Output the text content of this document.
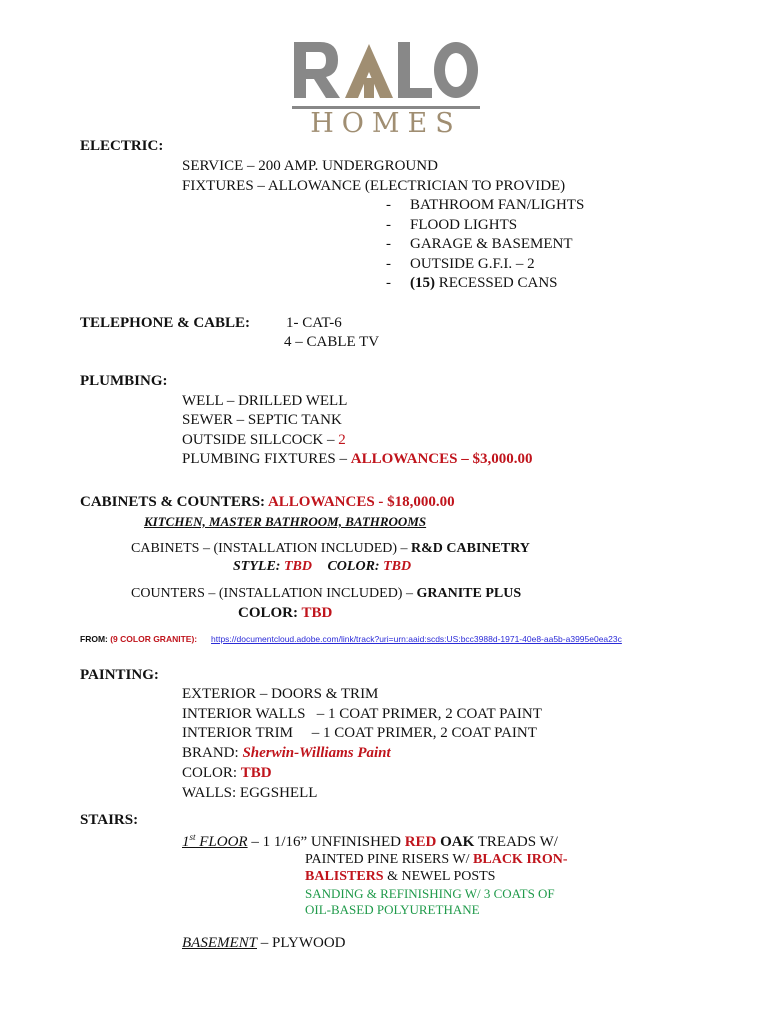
HOMES
ELECTRIC:
SERVICE – 200 AMP. UNDERGROUND
FIXTURES – ALLOWANCE (ELECTRICIAN TO PROVIDE)
- BATHROOM FAN/LIGHTS
- FLOOD LIGHTS
- GARAGE & BASEMENT
- OUTSIDE G.F.I. – 2
- (15) RECESSED CANS
TELEPHONE & CABLE: 1- CAT-6
4 – CABLE TV
PLUMBING:
WELL – DRILLED WELL
SEWER – SEPTIC TANK
OUTSIDE SILLCOCK – 2
PLUMBING FIXTURES – ALLOWANCES – $3,000.00
CABINETS & COUNTERS: ALLOWANCES - $18,000.00
KITCHEN, MASTER BATHROOM, BATHROOMS
CABINETS – (INSTALLATION INCLUDED) – R&D CABINETRY
STYLE: TBD COLOR: TBD
COUNTERS – (INSTALLATION INCLUDED) – GRANITE PLUS
COLOR: TBD
FROM: (9 COLOR GRANITE): https://documentcloud.adobe.com/link/track?uri=urn:aaid:scds:US:bcc3988d-1971-40e8-aa5b-a3995e0ea23c
PAINTING:
EXTERIOR – DOORS & TRIM
INTERIOR WALLS   – 1 COAT PRIMER, 2 COAT PAINT
INTERIOR TRIM     – 1 COAT PRIMER, 2 COAT PAINT
BRAND: Sherwin-Williams Paint
COLOR: TBD
WALLS: EGGSHELL
STAIRS:
1st FLOOR – 1 1/16” UNFINISHED RED OAK TREADS W/
PAINTED PINE RISERS W/ BLACK IRON-
BALISTERS & NEWEL POSTS
SANDING & REFINISHING W/ 3 COATS OF
OIL-BASED POLYURETHANE
BASEMENT – PLYWOOD
